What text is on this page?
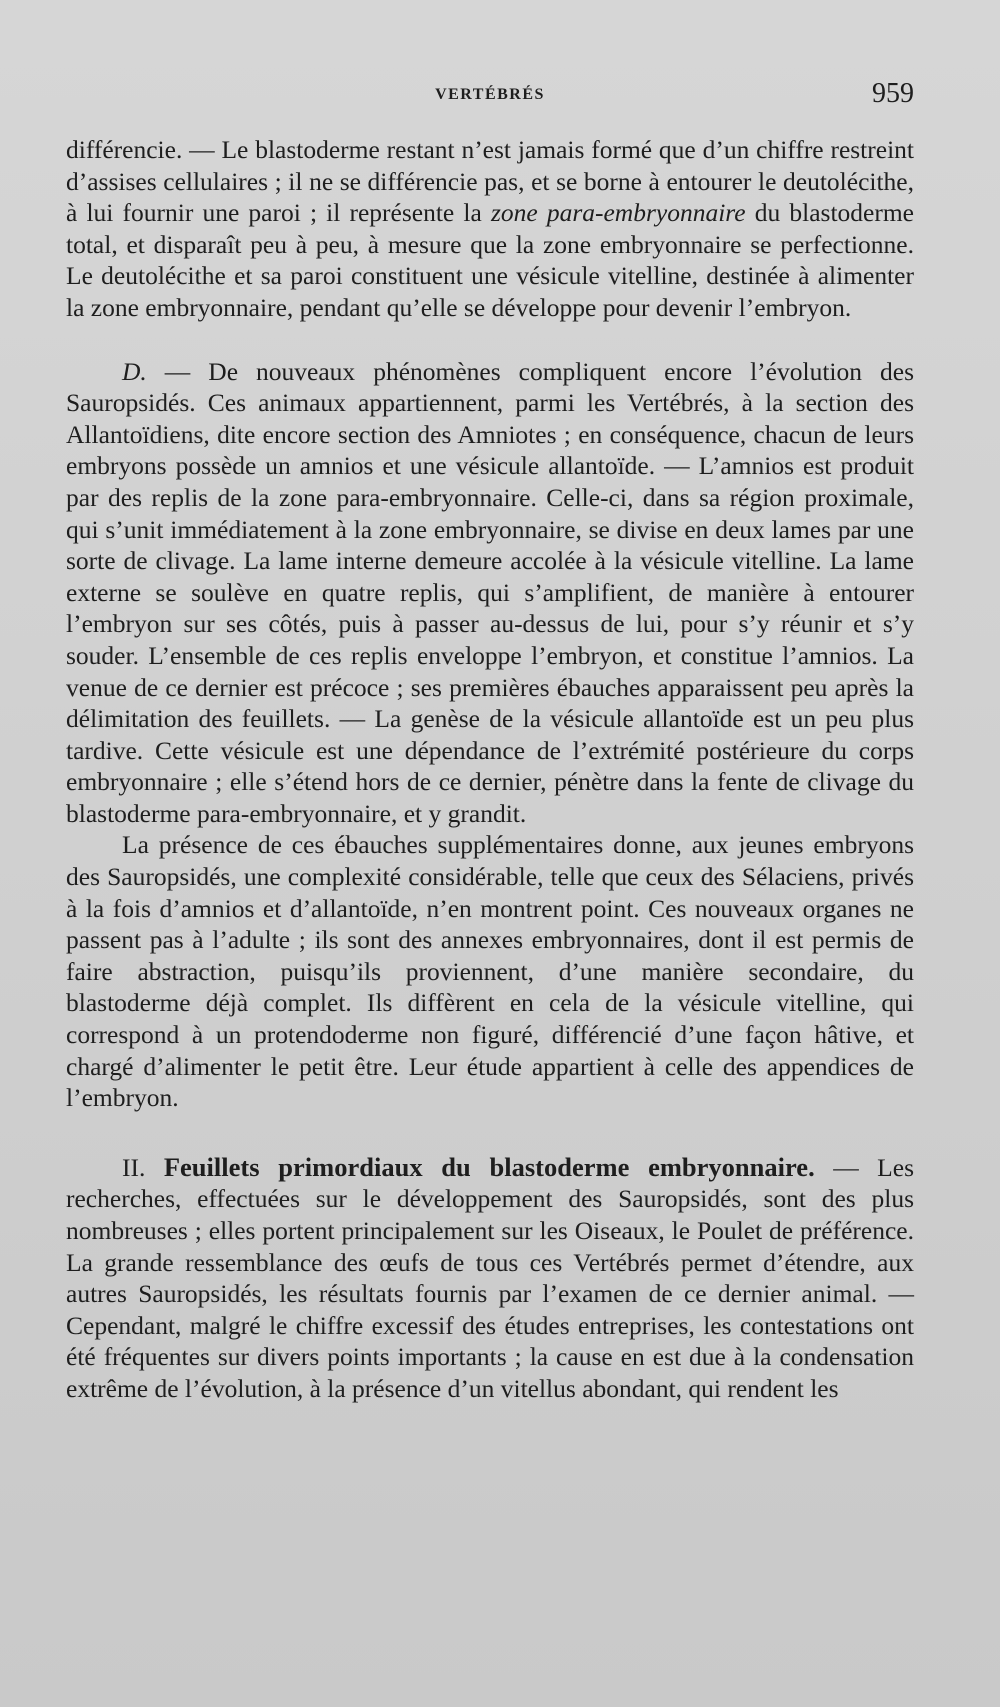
VERTÉBRÉS	959

différencie. — Le blastoderme restant n’est jamais formé que d’un chiffre restreint d’assises cellulaires ; il ne se différencie pas, et se borne à entourer le deutolécithe, à lui fournir une paroi ; il représente la zone para-embryonnaire du blastoderme total, et disparaît peu à peu, à mesure que la zone embryonnaire se perfectionne. Le deutolécithe et sa paroi constituent une vésicule vitelline, destinée à alimenter la zone embryonnaire, pendant qu’elle se développe pour devenir l’embryon.

D. — De nouveaux phénomènes compliquent encore l’évolution des Sauropsidés. Ces animaux appartiennent, parmi les Vertébrés, à la section des Allantoïdiens, dite encore section des Amniotes ; en conséquence, chacun de leurs embryons possède un amnios et une vésicule allantoïde. — L’amnios est produit par des replis de la zone para-embryonnaire. Celle-ci, dans sa région proximale, qui s’unit immédiatement à la zone embryonnaire, se divise en deux lames par une sorte de clivage. La lame interne demeure accolée à la vésicule vitelline. La lame externe se soulève en quatre replis, qui s’amplifient, de manière à entourer l’embryon sur ses côtés, puis à passer au-dessus de lui, pour s’y réunir et s’y souder. L’ensemble de ces replis enveloppe l’embryon, et constitue l’amnios. La venue de ce dernier est précoce ; ses premières ébauches apparaissent peu après la délimitation des feuillets. — La genèse de la vésicule allantoïde est un peu plus tardive. Cette vésicule est une dépendance de l’extrémité postérieure du corps embryonnaire ; elle s’étend hors de ce dernier, pénètre dans la fente de clivage du blastoderme para-embryonnaire, et y grandit.

La présence de ces ébauches supplémentaires donne, aux jeunes embryons des Sauropsidés, une complexité considérable, telle que ceux des Sélaciens, privés à la fois d’amnios et d’allantoïde, n’en montrent point. Ces nouveaux organes ne passent pas à l’adulte ; ils sont des annexes embryonnaires, dont il est permis de faire abstraction, puisqu’ils proviennent, d’une manière secondaire, du blastoderme déjà complet. Ils diffèrent en cela de la vésicule vitelline, qui correspond à un protendoderme non figuré, différencié d’une façon hâtive, et chargé d’alimenter le petit être. Leur étude appartient à celle des appendices de l’embryon.

II. Feuillets primordiaux du blastoderme embryonnaire. — Les recherches, effectuées sur le développement des Sauropsidés, sont des plus nombreuses ; elles portent principalement sur les Oiseaux, le Poulet de préférence. La grande ressemblance des œufs de tous ces Vertébrés permet d’étendre, aux autres Sauropsidés, les résultats fournis par l’examen de ce dernier animal. — Cependant, malgré le chiffre excessif des études entreprises, les contestations ont été fréquentes sur divers points importants ; la cause en est due à la condensation extrême de l’évolution, à la présence d’un vitellus abondant, qui rendent les
